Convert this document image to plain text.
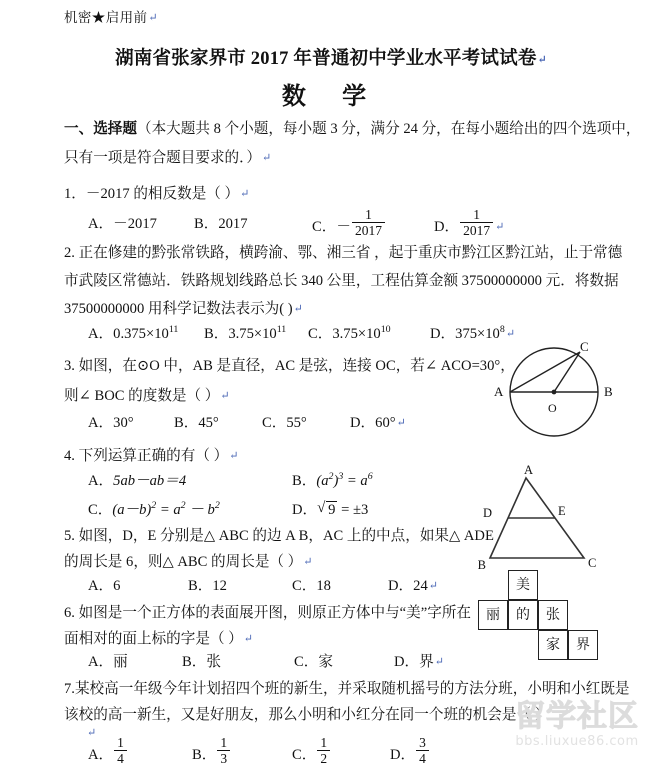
机密★启用前↵
湖南省张家界市 2017 年普通初中学业水平考试试卷↵
数 学
一、选择题（本大题共 8 个小题，每小题 3 分，满分 24 分，在每小题给出的四个选项中，
只有一项是符合题目要求的．）↵
1．－2017 的相反数是（ ）↵
A．－2017	B．2017	C．－ $\frac{1}{2017}$	D． $\frac{1}{2017}$ ↵
2. 正在修建的黔张常铁路，横跨渝、鄂、湘三省 ，起于重庆市黔江区黔江站，止于常德
市武陵区常德站．铁路规划线路总长 340 公里，工程估算金额 37500000000 元．将数据
37500000000 用科学记数法表示为( )↵
A．$0.375\times 10^{11}$ B．$3.75\times 10^{11}$ C．$3.75\times 10^{10}$	D．$375\times 10^8↵$
3. 如图，在⊙O 中，AB 是直径，AC 是弦，连接 OC，若∠ ACO=30°，
则∠ BOC 的度数是（ ）↵
A．30°	B．45°	C．55°	D．60°↵
A	B
C
O
4. 下列运算正确的有（ ）↵
A．5ab－ab＝4	B．$(a^2)^3 = a^6$
C．$(a-b)^2 = a^2 - b^2$	D． √ 9 = ±3
A
D	E
B	C
5. 如图，D，E 分别是△ ABC 的边 A B，AC 上的中点，如果△ ADE
的周长是 6，则△ ABC 的周长是（ ）↵
A．6	B．12	C．18	D．24↵
6. 如图是一个正方体的表面展开图，则原正方体中与“美”字所在
面相对的面上标的字是（ ）↵
A．丽	B．张	C．家	D．界↵
美
丽	的	张
家	界
7.某校高一年级今年计划招四个班的新生，并采取随机摇号的方法分班，小明和小红既是
该校的高一新生，又是好朋友，那么小明和小红分在同一个班的机会是（ ）
↵
A． $\frac{1}{4}$	B． $\frac{1}{3}$	C． $\frac{1}{2}$	D． $\frac{3}{4}$
留学社区
bbs.liuxue86.com
